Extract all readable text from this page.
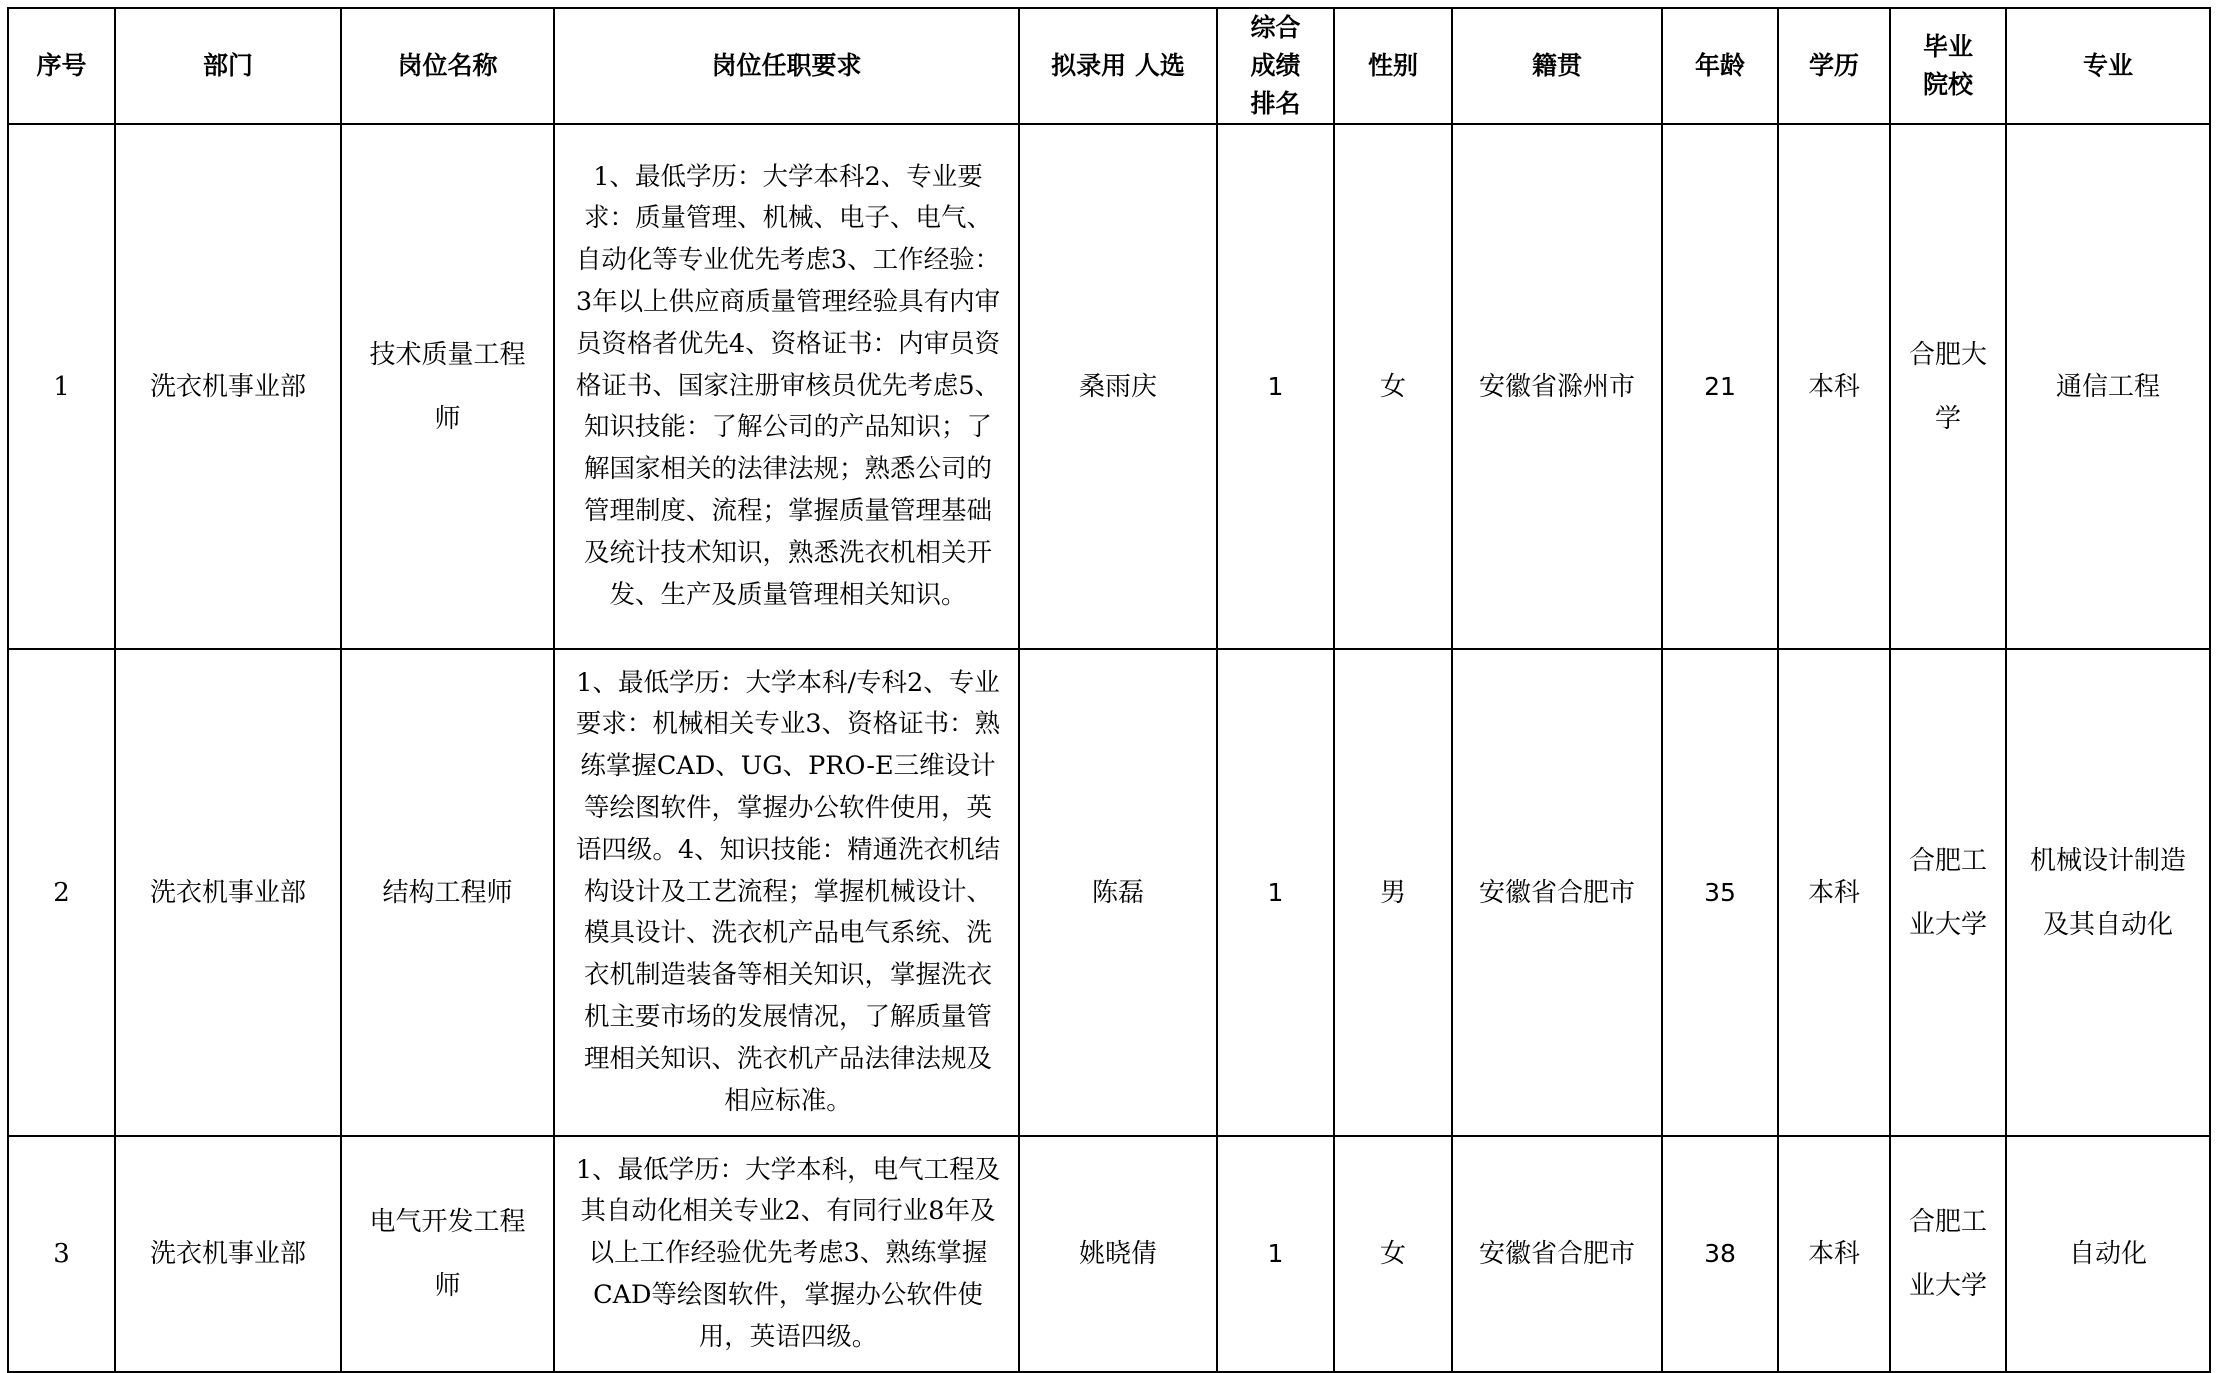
序号	部门	岗位名称	岗位任职要求	拟录用 人选	综合成绩排名	性别	籍贯	年龄	学历	毕业院校	专业
1	洗衣机事业部	技术质量工程师	1、最低学历：大学本科2、专业要求：质量管理、机械、电子、电气、自动化等专业优先考虑3、工作经验：3年以上供应商质量管理经验具有内审员资格者优先4、资格证书：内审员资格证书、国家注册审核员优先考虑5、知识技能：了解公司的产品知识；了解国家相关的法律法规；熟悉公司的管理制度、流程；掌握质量管理基础及统计技术知识，熟悉洗衣机相关开发、生产及质量管理相关知识。	桑雨庆	1	女	安徽省滁州市	21	本科	合肥大学	通信工程

2	洗衣机事业部	结构工程师	1、最低学历：大学本科/专科2、专业要求：机械相关专业3、资格证书：熟练掌握CAD、UG、PRO-E三维设计等绘图软件，掌握办公软件使用，英语四级。4、知识技能：精通洗衣机结构设计及工艺流程；掌握机械设计、模具设计、洗衣机产品电气系统、洗衣机制造装备等相关知识，掌握洗衣机主要市场的发展情况，了解质量管理相关知识、洗衣机产品法律法规及相应标准。	陈磊	1	男	安徽省合肥市	35	本科	合肥工业大学	机械设计制造及其自动化

3	洗衣机事业部	电气开发工程师	1、最低学历：大学本科，电气工程及其自动化相关专业2、有同行业8年及以上工作经验优先考虑3、熟练掌握CAD等绘图软件，掌握办公软件使用，英语四级。	姚晓倩	1	女	安徽省合肥市	38	本科	合肥工业大学	自动化
